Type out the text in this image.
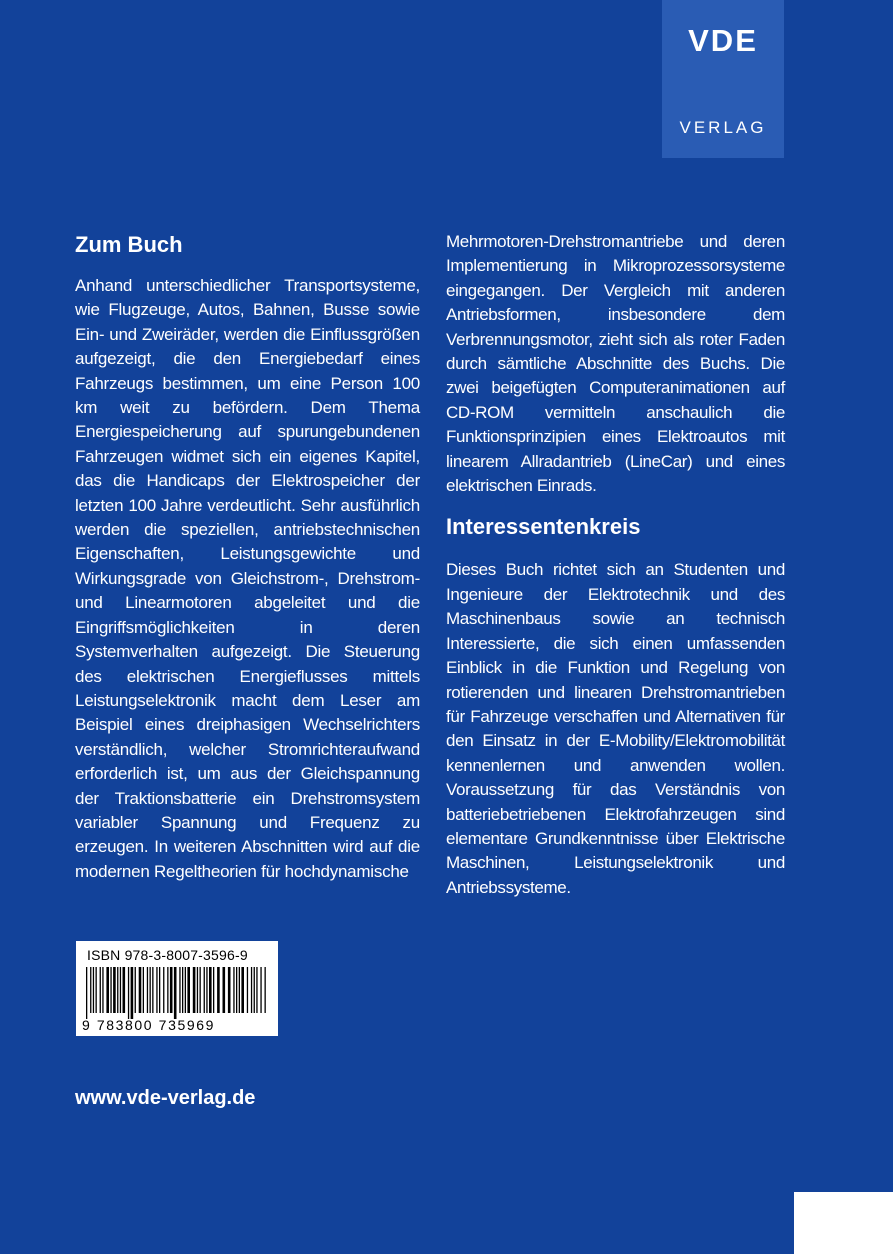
VDE
VERLAG
Zum Buch

Anhand unterschiedlicher Transportsysteme, wie Flugzeuge, Autos, Bahnen, Busse sowie Ein- und Zweiräder, werden die Einflussgrößen aufgezeigt, die den Energiebedarf eines Fahrzeugs bestimmen, um eine Person 100 km weit zu befördern. Dem Thema Energiespeicherung auf spurungebundenen Fahrzeugen widmet sich ein eigenes Kapitel, das die Handicaps der Elektrospeicher der letzten 100 Jahre verdeutlicht. Sehr ausführlich werden die speziellen, antriebstechnischen Eigenschaften, Leistungsgewichte und Wirkungsgrade von Gleichstrom-, Drehstrom- und Linearmotoren abgeleitet und die Eingriffsmöglichkeiten in deren Systemverhalten aufgezeigt. Die Steuerung des elektrischen Energieflusses mittels Leistungselektronik macht dem Leser am Beispiel eines dreiphasigen Wechselrichters verständlich, welcher Stromrichteraufwand erforderlich ist, um aus der Gleichspannung der Traktionsbatterie ein Drehstromsystem variabler Spannung und Frequenz zu erzeugen. In weiteren Abschnitten wird auf die modernen Regeltheorien für hochdynamische

Mehrmotoren-Drehstromantriebe und deren Implementierung in Mikroprozessorsysteme eingegangen. Der Vergleich mit anderen Antriebsformen, insbesondere dem Verbrennungsmotor, zieht sich als roter Faden durch sämtliche Abschnitte des Buchs. Die zwei beigefügten Computeranimationen auf CD-ROM vermitteln anschaulich die Funktionsprinzipien eines Elektroautos mit linearem Allradantrieb (LineCar) und eines elektrischen Einrads.

Interessentenkreis

Dieses Buch richtet sich an Studenten und Ingenieure der Elektrotechnik und des Maschinenbaus sowie an technisch Interessierte, die sich einen umfassenden Einblick in die Funktion und Regelung von rotierenden und linearen Drehstromantrieben für Fahrzeuge verschaffen und Alternativen für den Einsatz in der E-Mobility/Elektromobilität kennenlernen und anwenden wollen. Voraussetzung für das Verständnis von batteriebetriebenen Elektrofahrzeugen sind elementare Grundkenntnisse über Elektrische Maschinen, Leistungselektronik und Antriebssysteme.

ISBN 978-3-8007-3596-9
9 783800 735969
www.vde-verlag.de
